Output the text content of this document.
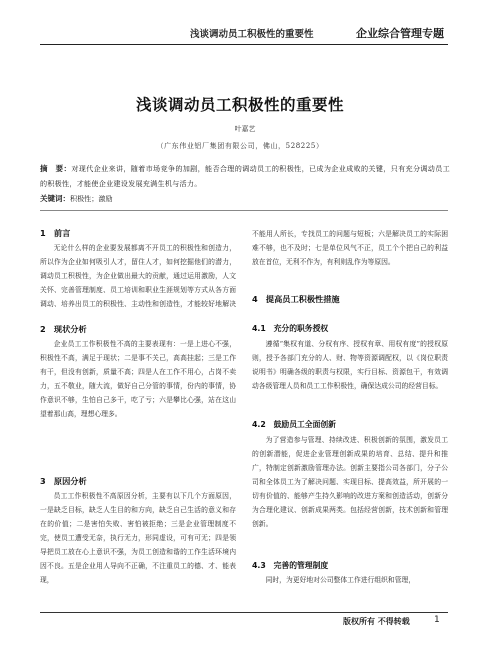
浅谈调动员工积极性的重要性	企业综合管理专题
浅谈调动员工积极性的重要性
叶嘉艺
（广东伟业铝厂集团有限公司，佛山，528225）
摘　要：对现代企业来讲，随着市场竞争的加剧，能否合理的调动员工的积极性，已成为企业成败的关键，只有充分调动员工的积极性，才能使企业建设发展充满生机与活力。
关键词：积极性；激励
1　前言
无论什么样的企业要发展都离不开员工的积极性和创造力，所以作为企业如何吸引人才，留住人才，如何挖掘他们的潜力，调动员工积极性，为企业做出最大的贡献，通过运用激励，人文关怀、完善管理制度、员工培训和职业生涯规划等方式从各方面调动、培养出员工的积极性、主动性和创造性，才能较好地解决
2　现状分析
企业员工工作积极性不高的主要表现有：一是上进心不强，积极性不高，满足于现状；二是事不关己，高高挂起；三是工作有干，但没有创新，质量不高；四是人在工作不用心，占岗不卖力，五不敬业，随大流，做好自己分管的事情，份内的事情，协作意识不够，生怕自己多干，吃了亏；六是攀比心强，站在这山望着那山高，理想心理多。
3　原因分析
员工工作积极性不高原因分析，主要有以下几个方面原因，一是缺乏目标，缺乏人生目的和方向，缺乏自己生活的意义和存在的价值；二是害怕失败、害怕被拒绝；三是企业管理制度不完，使员工遭受无奈，执行无力，形同虚设，可有可无；四是领导把员工放在心上意识不强，为员工创造和谐的工作生活环境内因不良。五是企业用人导向不正确，不注重员工的德、才、能表现，
不能用人所长，专找员工的问题与短板；六是解决员工的实际困难不够，也不及时；七是单位风气不正，员工个个把自己的利益放在首位，无利不作为，有利则乱作为等原因。
4　提高员工积极性措施
4.1　充分的职务授权
遵循“集权有道、分权有序、授权有章、用权有度”的授权原则，授予各部门充分的人、财、物等资源调配权，以《岗位职责说明书》明确各级的职责与权限，实行目标、资源包干，有效调动各级管理人员和员工工作积极性，确保达成公司的经营目标。
4.2　鼓励员工全面创新
为了营造参与管理、持续改进、积极创新的氛围，激发员工的创新潜能，促进企业管理创新成果的培育、总结、提升和推广，特制定创新激励管理办法。创新主要指公司各部门，分子公司和全体员工为了解决问题、实现目标、提高效益，所开展的一切有价值的、能够产生持久影响的改进方案和创造活动，创新分为合理化建议、创新成果两类。包括经营创新，技术创新和管理创新。
4.3　完善的管理制度
同时，为更好地对公司整体工作进行组织和管理，
版权所有 不得转载	1
